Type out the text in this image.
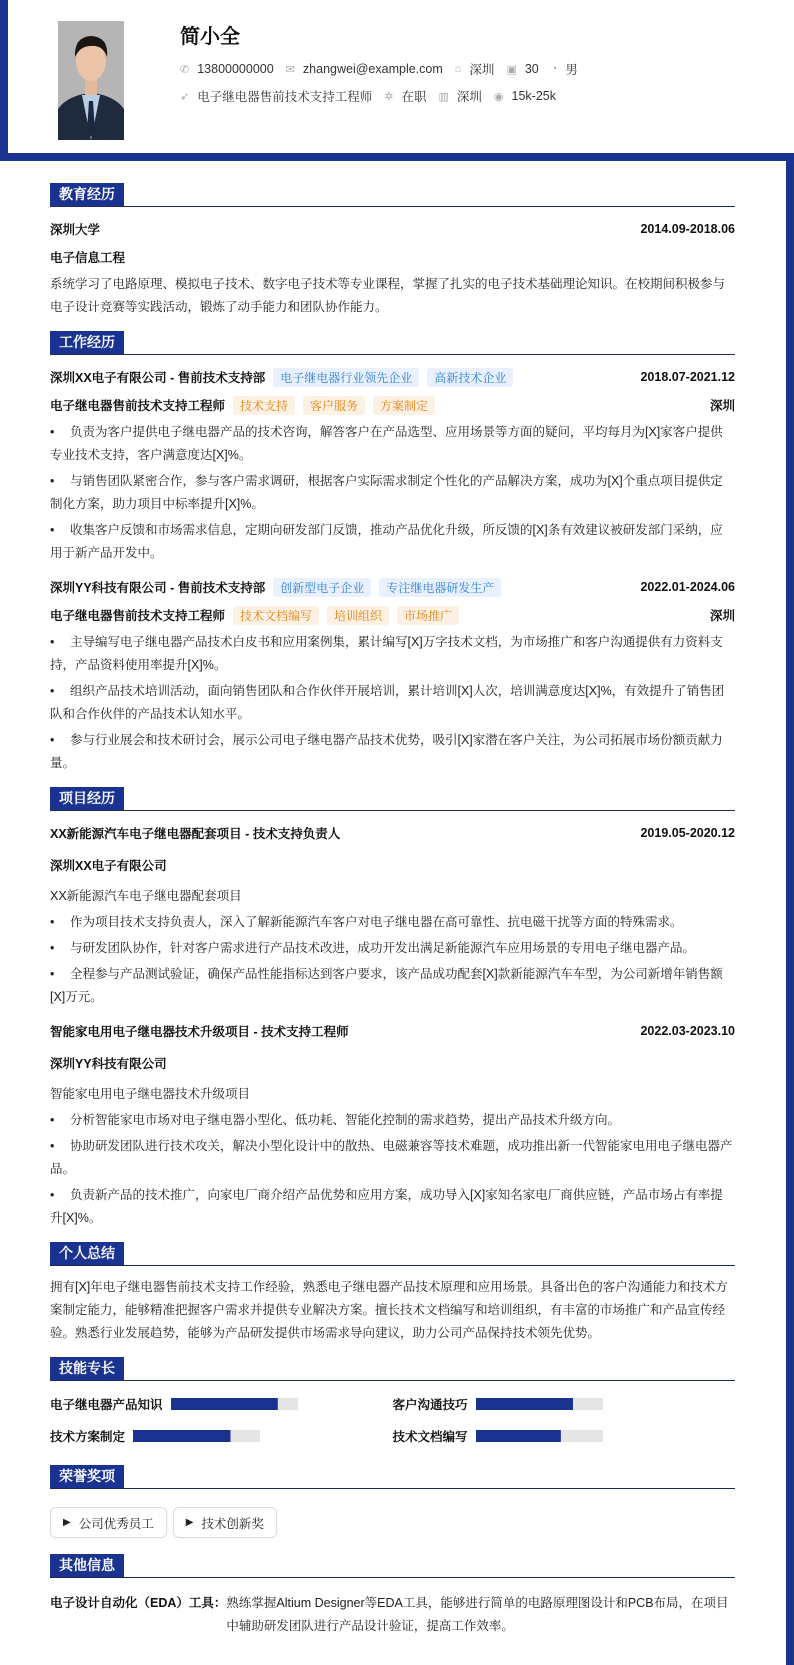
简小全
✆ 13800000000 ✉ zhangwei@example.com ⌂ 深圳 ▣ 30 ◔ 男
➶ 电子继电器售前技术支持工程师 ✲ 在职 ▥ 深圳 ◉ 15k-25k
教育经历
深圳大学	2014.09-2018.06
电子信息工程

系统学习了电路原理、模拟电子技术、数字电子技术等专业课程，掌握了扎实的电子技术基础理论知识。在校期间积极参与电子设计竞赛等实践活动，锻炼了动手能力和团队协作能力。

工作经历
深圳XX电子有限公司 - 售前技术支持部 电子继电器行业领先企业 高新技术企业	2018.07-2021.12
电子继电器售前技术支持工程师 技术支持 客户服务 方案制定	深圳
• 负责为客户提供电子继电器产品的技术咨询，解答客户在产品选型、应用场景等方面的疑问，平均每月为[X]家客户提供专业技术支持，客户满意度达[X]%。
• 与销售团队紧密合作，参与客户需求调研，根据客户实际需求制定个性化的产品解决方案，成功为[X]个重点项目提供定制化方案，助力项目中标率提升[X]%。
• 收集客户反馈和市场需求信息，定期向研发部门反馈，推动产品优化升级，所反馈的[X]条有效建议被研发部门采纳，应用于新产品开发中。
深圳YY科技有限公司 - 售前技术支持部 创新型电子企业 专注继电器研发生产	2022.01-2024.06
电子继电器售前技术支持工程师 技术文档编写 培训组织 市场推广	深圳
• 主导编写电子继电器产品技术白皮书和应用案例集，累计编写[X]万字技术文档，为市场推广和客户沟通提供有力资料支持，产品资料使用率提升[X]%。
• 组织产品技术培训活动，面向销售团队和合作伙伴开展培训，累计培训[X]人次，培训满意度达[X]%，有效提升了销售团队和合作伙伴的产品技术认知水平。
• 参与行业展会和技术研讨会，展示公司电子继电器产品技术优势，吸引[X]家潜在客户关注，为公司拓展市场份额贡献力量。
项目经历
XX新能源汽车电子继电器配套项目 - 技术支持负责人	2019.05-2020.12
深圳XX电子有限公司
XX新能源汽车电子继电器配套项目
• 作为项目技术支持负责人，深入了解新能源汽车客户对电子继电器在高可靠性、抗电磁干扰等方面的特殊需求。
• 与研发团队协作，针对客户需求进行产品技术改进，成功开发出满足新能源汽车应用场景的专用电子继电器产品。
• 全程参与产品测试验证，确保产品性能指标达到客户要求，该产品成功配套[X]款新能源汽车车型，为公司新增年销售额[X]万元。
智能家电用电子继电器技术升级项目 - 技术支持工程师	2022.03-2023.10
深圳YY科技有限公司
智能家电用电子继电器技术升级项目
• 分析智能家电市场对电子继电器小型化、低功耗、智能化控制的需求趋势，提出产品技术升级方向。
• 协助研发团队进行技术攻关，解决小型化设计中的散热、电磁兼容等技术难题，成功推出新一代智能家电用电子继电器产品。
• 负责新产品的技术推广，向家电厂商介绍产品优势和应用方案，成功导入[X]家知名家电厂商供应链，产品市场占有率提升[X]%。
个人总结

拥有[X]年电子继电器售前技术支持工作经验，熟悉电子继电器产品技术原理和应用场景。具备出色的客户沟通能力和技术方案制定能力，能够精准把握客户需求并提供专业解决方案。擅长技术文档编写和培训组织，有丰富的市场推广和产品宣传经验。熟悉行业发展趋势，能够为产品研发提供市场需求导向建议，助力公司产品保持技术领先优势。

技能专长
电子继电器产品知识	客户沟通技巧
技术方案制定	技术文档编写
荣誉奖项
▶ 公司优秀员工	▶ 技术创新奖
其他信息
电子设计自动化（EDA）工具： 熟练掌握Altium Designer等EDA工具，能够进行简单的电路原理图设计和PCB布局，在项目中辅助研发团队进行产品设计验证，提高工作效率。
